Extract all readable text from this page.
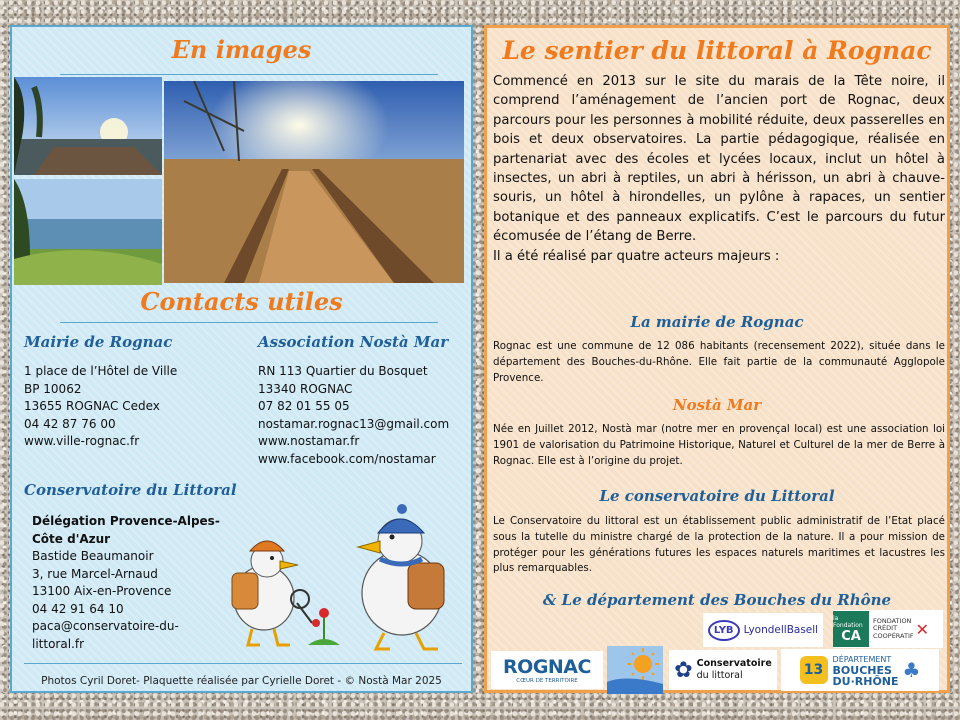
En images
Contacts utiles
Mairie de Rognac
1 place de l’Hôtel de Ville
BP 10062
13655 ROGNAC Cedex
04 42 87 76 00
www.ville-rognac.fr
Association Nostà Mar
RN 113 Quartier du Bosquet
13340 ROGNAC
07 82 01 55 05
nostamar.rognac13@gmail.com
www.nostamar.fr
www.facebook.com/nostamar
Conservatoire du Littoral
Délégation Provence-Alpes-
Côte d'Azur
Bastide Beaumanoir
3, rue Marcel-Arnaud
13100 Aix-en-Provence
04 42 91 64 10
paca@conservatoire-du-
littoral.fr
Photos Cyril Doret- Plaquette réalisée par Cyrielle Doret - © Nostà Mar 2025
Le sentier du littoral à Rognac
Commencé en 2013 sur le site du marais de la Tête noire, il comprend l’aménagement de l’ancien port de Rognac, deux parcours pour les personnes à mobilité réduite, deux passerelles en bois et deux observatoires. La partie pédagogique, réalisée en partenariat avec des écoles et lycées locaux, inclut un hôtel à insectes, un abri à reptiles, un abri à hérisson, un abri à chauve-souris, un hôtel à hirondelles, un pylône à rapaces, un sentier botanique et des panneaux explicatifs. C’est le parcours du futur écomusée de l’étang de Berre.
Il a été réalisé par quatre acteurs majeurs :
La mairie de Rognac
Rognac est une commune de 12 086 habitants (recensement 2022), située dans le département des Bouches-du-Rhône. Elle fait partie de la communauté Agglopole Provence.
Nostà Mar
Née en Juillet 2012, Nostà mar (notre mer en provençal local) est une association loi 1901 de valorisation du Patrimoine Historique, Naturel et Culturel de la mer de Berre à Rognac. Elle est à l’origine du projet.
Le conservatoire du Littoral
Le Conservatoire du littoral est un établissement public administratif de l’Etat placé sous la tutelle du ministre chargé de la protection de la nature. Il a pour mission de protéger pour les générations futures les espaces naturels maritimes et lacustres les plus remarquables.
& Le département des Bouches du Rhône
LYB LyondellBasell
la Fondation
CA
FONDATION
CRÉDIT
COOPÉRATIF ✕
ROGNAC
CŒUR DE TERRITOIRE	✿ Conservatoire
du littoral	13
DÉPARTEMENT
BOUCHES
DU·RHÔNE ♣
